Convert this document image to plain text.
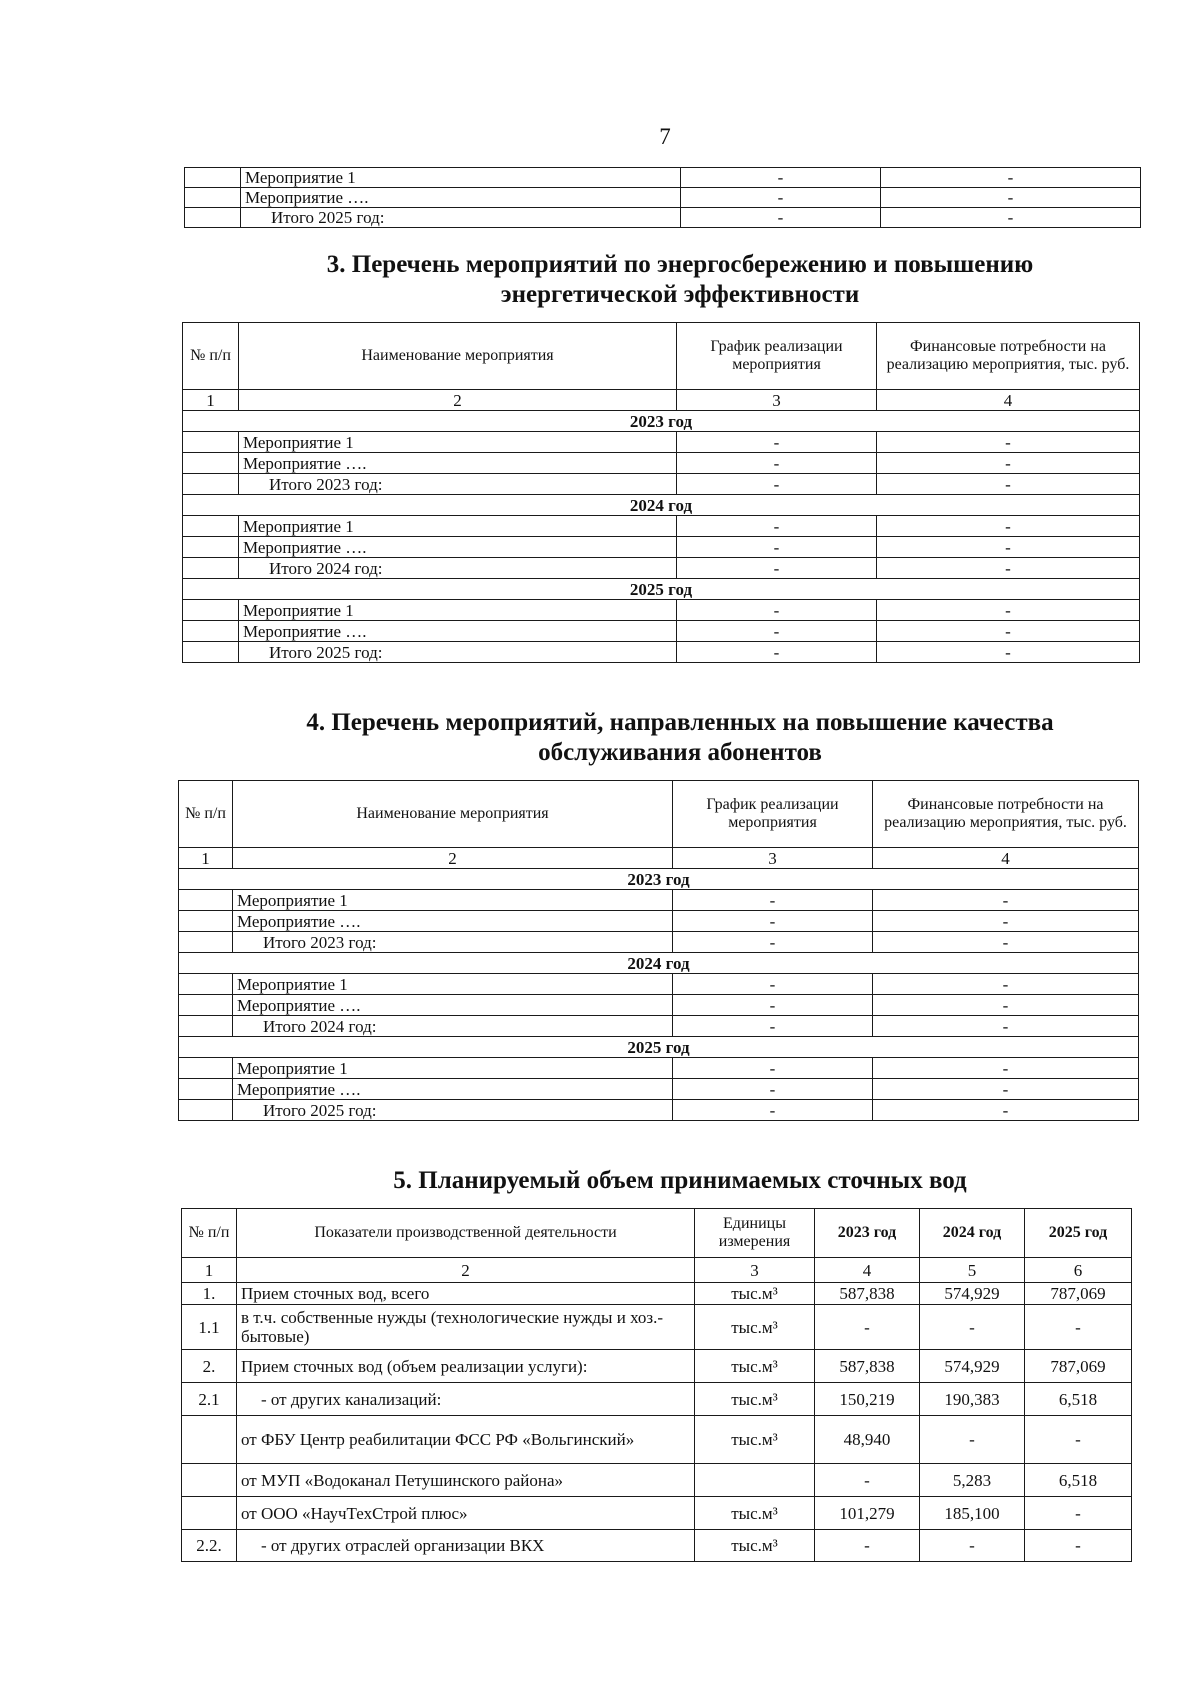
7
	Мероприятие 1	-	-
	Мероприятие ….	-	-
	Итого 2025 год:	-	-
3. Перечень мероприятий по энергосбережению и повышению
энергетической эффективности
№ п/п	Наименование мероприятия	График реализации мероприятия	Финансовые потребности на реализацию мероприятия, тыс. руб.
1	2	3	4
2023 год			
	Мероприятие 1	-	-
	Мероприятие ….	-	-
	Итого 2023 год:	-	-
2024 год			
	Мероприятие 1	-	-
	Мероприятие ….	-	-
	Итого 2024 год:	-	-
2025 год			
	Мероприятие 1	-	-
	Мероприятие ….	-	-
	Итого 2025 год:	-	-
4. Перечень мероприятий, направленных на повышение качества
обслуживания абонентов
№ п/п	Наименование мероприятия	График реализации мероприятия	Финансовые потребности на реализацию мероприятия, тыс. руб.
1	2	3	4
2023 год			
	Мероприятие 1	-	-
	Мероприятие ….	-	-
	Итого 2023 год:	-	-
2024 год			
	Мероприятие 1	-	-
	Мероприятие ….	-	-
	Итого 2024 год:	-	-
2025 год			
	Мероприятие 1	-	-
	Мероприятие ….	-	-
	Итого 2025 год:	-	-
5. Планируемый объем принимаемых сточных вод
№ п/п	Показатели производственной деятельности	Единицы измерения	2023 год	2024 год	2025 год
1	2	3	4	5	6
1.	Прием сточных вод, всего	тыс.м³	587,838	574,929	787,069
1.1	в т.ч. собственные нужды (технологические нужды и хоз.-бытовые)	тыс.м³	-	-	-
2.	Прием сточных вод (объем реализации услуги):	тыс.м³	587,838	574,929	787,069
2.1	- от других канализаций:	тыс.м³	150,219	190,383	6,518
	от ФБУ Центр реабилитации ФСС РФ «Вольгинский»	тыс.м³	48,940	-	-
	от МУП «Водоканал Петушинского района»		-	5,283	6,518
	от ООО «НаучТехСтрой плюс»	тыс.м³	101,279	185,100	-
2.2.	- от других отраслей организации ВКХ	тыс.м³	-	-	-
